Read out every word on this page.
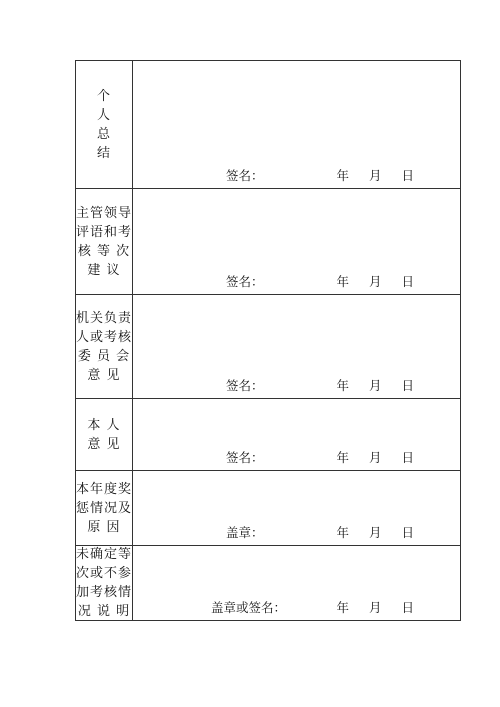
个
人
总
结	签名： 年 月 日

主管领导
评语和考
核 等 次
建 议	签名： 年 月 日

机关负责
人或考核
委 员 会
意 见	签名： 年 月 日

本 人
意 见	签名： 年 月 日

本年度奖
惩情况及
原 因	盖章： 年 月 日

未确定等
次或不参
加考核情
况 说 明	盖章或签名： 年 月 日
